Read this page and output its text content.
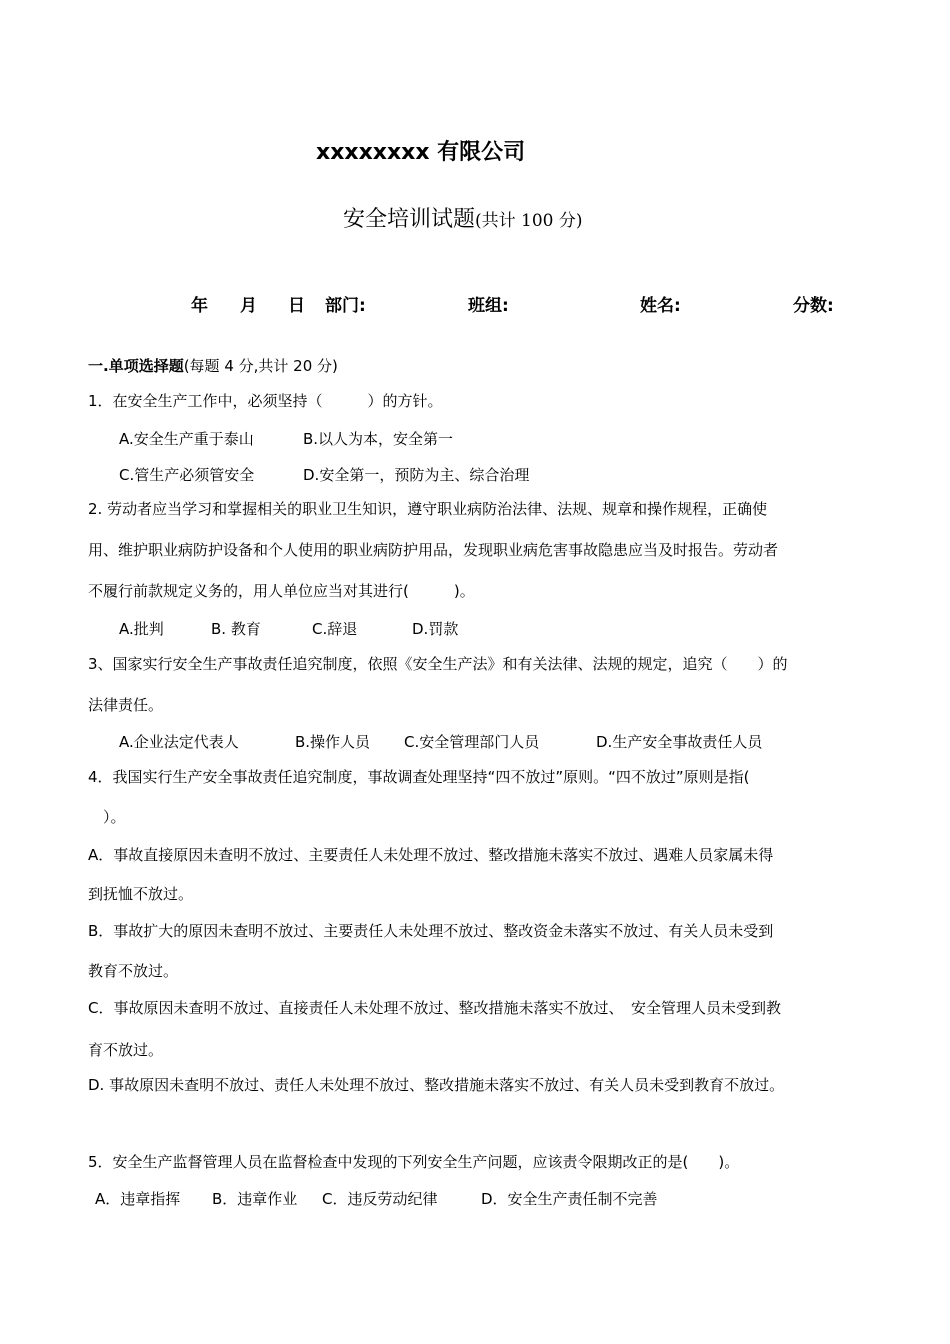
xxxxxxxx 有限公司
安全培训试题(共计 100 分)
年 月 日 部门:	班组:	姓名:	分数:
一.单项选择题(每题 4 分,共计 20 分)
1．在安全生产工作中，必须坚持（　　　）的方针。
A.安全生产重于泰山	B.以人为本，安全第一
C.管生产必须管安全	D.安全第一，预防为主、综合治理
2. 劳动者应当学习和掌握相关的职业卫生知识，遵守职业病防治法律、法规、规章和操作规程，正确使
用、维护职业病防护设备和个人使用的职业病防护用品，发现职业病危害事故隐患应当及时报告。劳动者
不履行前款规定义务的，用人单位应当对其进行(　　　)。
A.批判	B. 教育	C.辞退	D.罚款
3、国家实行安全生产事故责任追究制度，依照《安全生产法》和有关法律、法规的规定，追究（　　）的
法律责任。
A.企业法定代表人	B.操作人员 C.安全管理部门人员	D.生产安全事故责任人员
4．我国实行生产安全事故责任追究制度，事故调查处理坚持“四不放过”原则。“四不放过”原则是指(
　）。
A．事故直接原因未查明不放过、主要责任人未处理不放过、整改措施未落实不放过、遇难人员家属未得
到抚恤不放过。
B．事故扩大的原因未查明不放过、主要责任人未处理不放过、整改资金未落实不放过、有关人员未受到
教育不放过。
C．事故原因未查明不放过、直接责任人未处理不放过、整改措施未落实不放过、　安全管理人员未受到教
育不放过。
D. 事故原因未查明不放过、责任人未处理不放过、整改措施未落实不放过、有关人员未受到教育不放过。
5．安全生产监督管理人员在监督检查中发现的下列安全生产问题，应该责令限期改正的是(　　)。
A．违章指挥 B．违章作业 C．违反劳动纪律	D．安全生产责任制不完善
